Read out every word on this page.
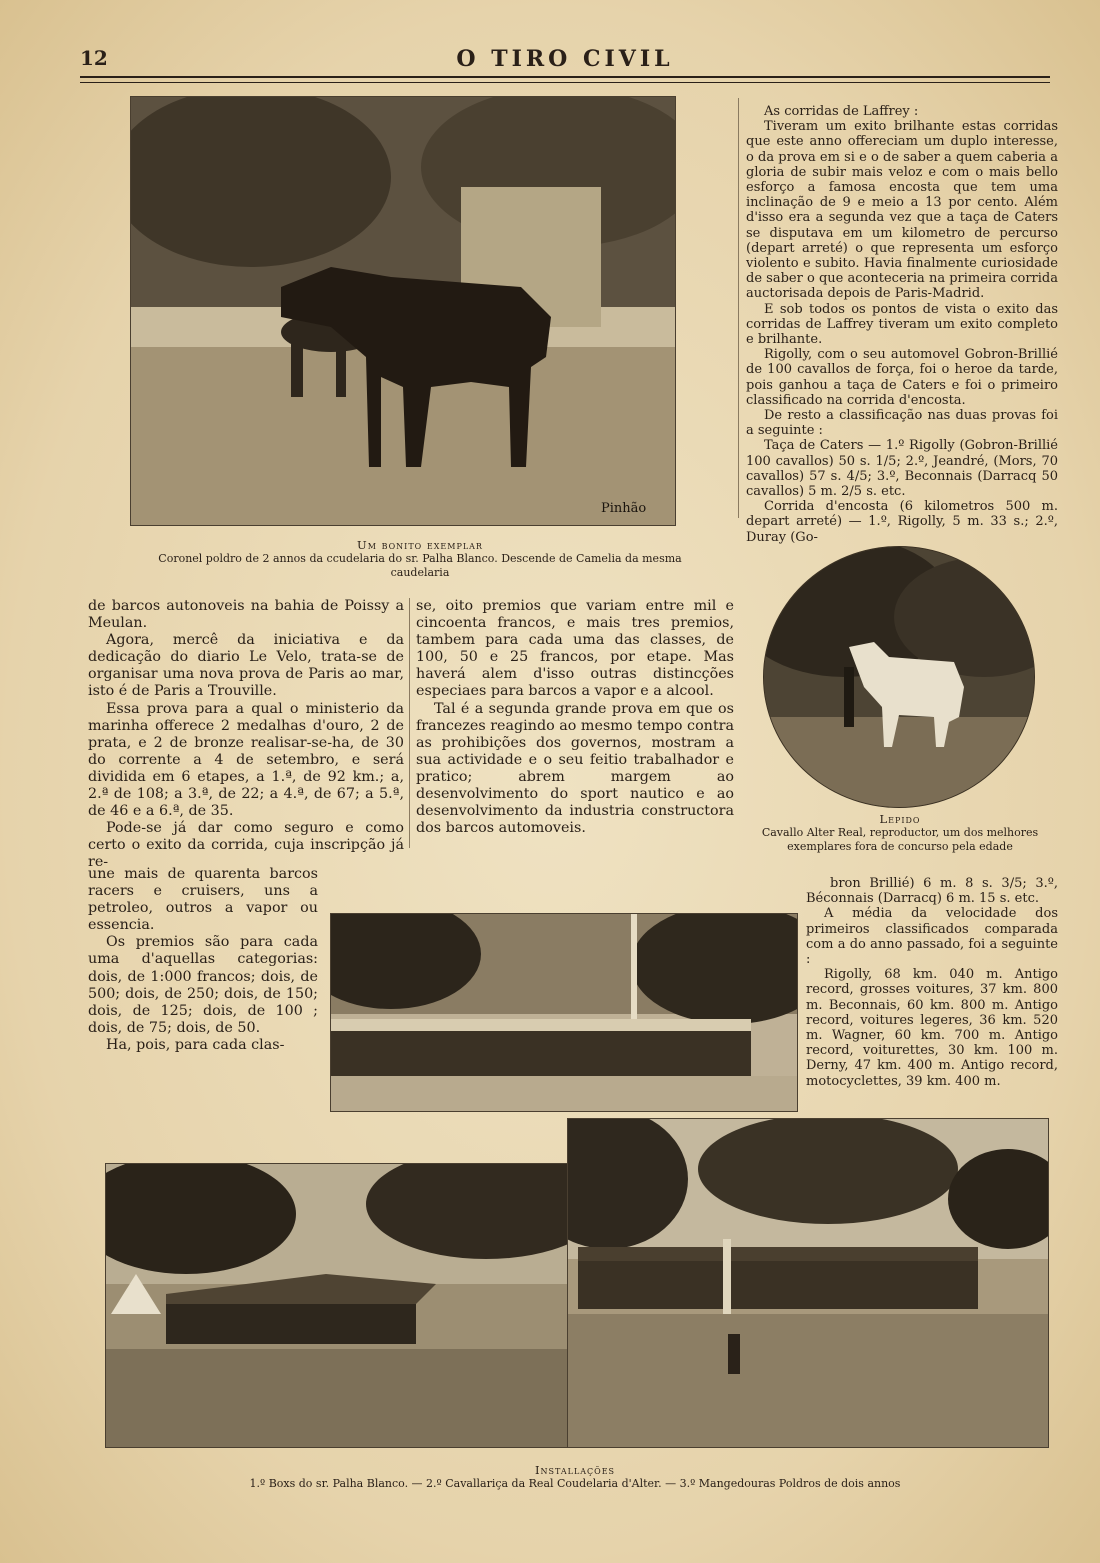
O TIRO CIVIL
12
Pinhão
Um bonito exemplar
Coronel poldro de 2 annos da ccudelaria do sr. Palha Blanco. Descende de Camelia da mesma caudelaria

As corridas de Laffrey :

Tiveram um exito brilhante estas corridas que este anno offereciam um duplo interesse, o da prova em si e o de saber a quem caberia a gloria de subir mais veloz e com o mais bello esforço a famosa encosta que tem uma inclinação de 9 e meio a 13 por cento. Além d'isso era a segunda vez que a taça de Caters se disputava em um kilometro de percurso (depart arreté) o que representa um esforço violento e subito. Havia finalmente curiosidade de saber o que aconteceria na primeira corrida auctorisada depois de Paris-Madrid.

E sob todos os pontos de vista o exito das corridas de Laffrey tiveram um exito completo e brilhante.

Rigolly, com o seu automovel Gobron-Brillié de 100 cavallos de força, foi o heroe da tarde, pois ganhou a taça de Caters e foi o primeiro classificado na corrida d'encosta.

De resto a classificação nas duas provas foi a seguinte :

Taça de Caters — 1.º Rigolly (Gobron-Brillié 100 cavallos) 50 s. 1/5; 2.º, Jeandré, (Mors, 70 cavallos) 57 s. 4/5; 3.º, Beconnais (Darracq 50 cavallos) 5 m. 2/5 s. etc.

Corrida d'encosta (6 kilometros 500 m. depart arreté) — 1.º, Rigolly, 5 m. 33 s.; 2.º, Duray (Go-

de barcos autonoveis na bahia de Poissy a Meulan.

Agora, mercê da iniciativa e da dedicação do diario Le Velo, trata-se de organisar uma nova prova de Paris ao mar, isto é de Paris a Trouville.

Essa prova para a qual o ministerio da marinha offerece 2 medalhas d'ouro, 2 de prata, e 2 de bronze realisar-se-ha, de 30 do corrente a 4 de setembro, e será dividida em 6 etapes, a 1.ª, de 92 km.; a, 2.ª de 108; a 3.ª, de 22; a 4.ª, de 67; a 5.ª, de 46 e a 6.ª, de 35.

Pode-se já dar como seguro e como certo o exito da corrida, cuja inscripção já re-

une mais de quarenta barcos racers e cruisers, uns a petroleo, outros a vapor ou essencia.

Os premios são para cada uma d'aquellas categorias: dois, de 1:000 francos; dois, de 500; dois, de 250; dois, de 150; dois, de 125; dois, de 100 ; dois, de 75; dois, de 50.

Ha, pois, para cada clas-

se, oito premios que variam entre mil e cincoenta francos, e mais tres premios, tambem para cada uma das classes, de 100, 50 e 25 francos, por etape. Mas haverá alem d'isso outras distincções especiaes para barcos a vapor e a alcool.

Tal é a segunda grande prova em que os francezes reagindo ao mesmo tempo contra as prohibições dos governos, mostram a sua actividade e o seu feitio trabalhador e pratico; abrem margem ao desenvolvimento do sport nautico e ao desenvolvimento da industria constructora dos barcos automoveis.

Lepido
Cavallo Alter Real, reproductor, um dos melhores exemplares fora de concurso pela edade

bron Brillié) 6 m. 8 s. 3/5; 3.º, Béconnais (Darracq) 6 m. 15 s. etc.

A média da velocidade dos primeiros classificados comparada com a do anno passado, foi a seguinte :

Rigolly, 68 km. 040 m. Antigo record, grosses voitures, 37 km. 800 m. Beconnais, 60 km. 800 m. Antigo record, voitures legeres, 36 km. 520 m. Wagner, 60 km. 700 m. Antigo record, voiturettes, 30 km. 100 m. Derny, 47 km. 400 m. Antigo record, motocyclettes, 39 km. 400 m.

Installações
1.º Boxs do sr. Palha Blanco. — 2.º Cavallariça da Real Coudelaria d'Alter. — 3.º Mangedouras Poldros de dois annos
